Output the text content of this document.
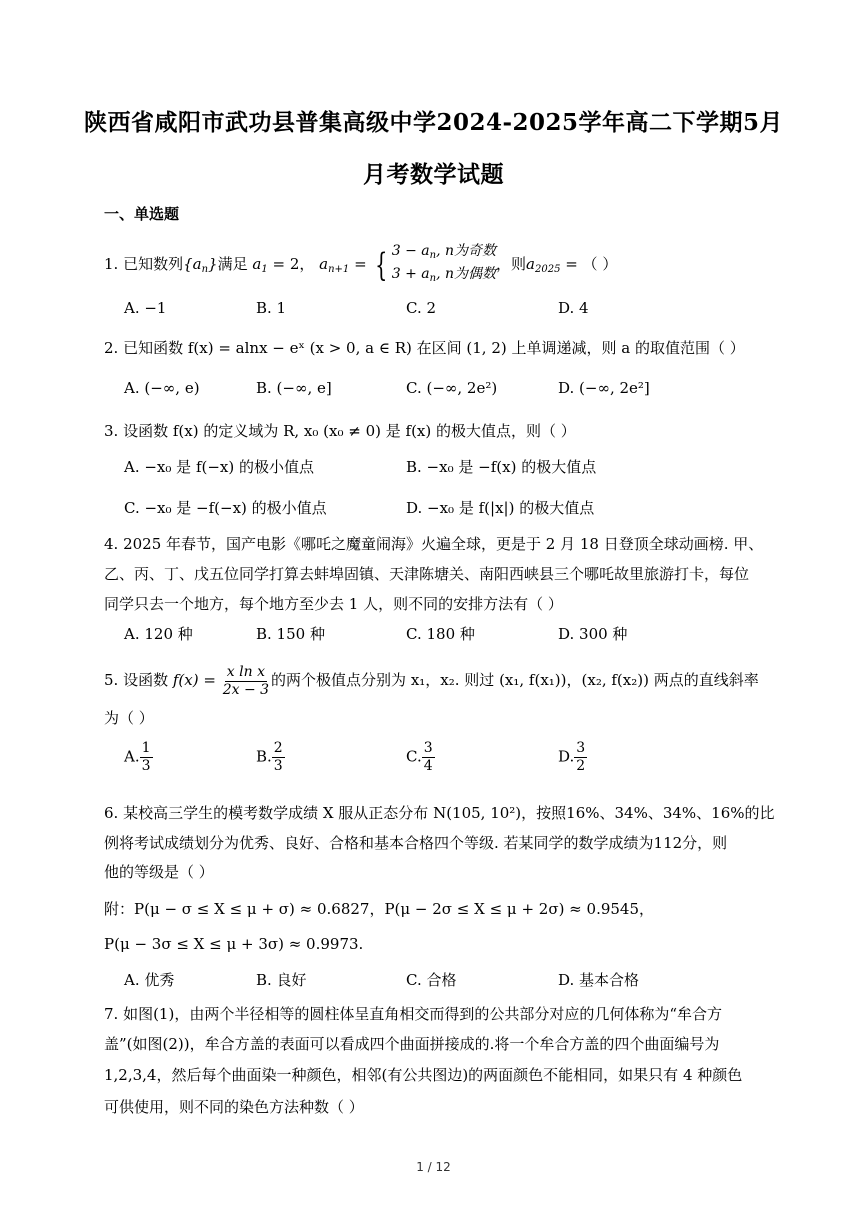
陕西省咸阳市武功县普集高级中学2024-2025学年高二下学期5月
月考数学试题
一、单选题
1. 已知数列$\{a_n\}$满足 $a_1 = 2$， $a_{n+1}$ = { $3 - a_n$, n为奇数
$3 + a_n$, n为偶数，则$a_{2025}$ = （ ）
A. −1	B. 1	C. 2	D. 4
2. 已知函数 f(x) = alnx − eˣ (x > 0, a ∈ R) 在区间 (1, 2) 上单调递减，则 a 的取值范围（ ）
A. (−∞, e)	B. (−∞, e]	C. (−∞, 2e²)	D. (−∞, 2e²]
3. 设函数 f(x) 的定义域为 R, x₀ (x₀ ≠ 0) 是 f(x) 的极大值点，则（ ）
A. −x₀ 是 f(−x) 的极小值点	B. −x₀ 是 −f(x) 的极大值点
C. −x₀ 是 −f(−x) 的极小值点	D. −x₀ 是 f(|x|) 的极大值点
4. 2025 年春节，国产电影《哪吒之魔童闹海》火遍全球，更是于 2 月 18 日登顶全球动画榜. 甲、
乙、丙、丁、戊五位同学打算去蚌埠固镇、天津陈塘关、南阳西峡县三个哪吒故里旅游打卡，每位
同学只去一个地方，每个地方至少去 1 人，则不同的安排方法有（ ）
A. 120 种	B. 150 种	C. 180 种	D. 300 种
5. 设函数 $f(x) = \frac{\text{x ln x}}{2x - 3}$ 的两个极值点分别为 x₁，x₂. 则过 (x₁, f(x₁))，(x₂, f(x₂)) 两点的直线斜率
为（ ）
A. $\frac{1}{3}$	B. $\frac{2}{3}$	C. $\frac{3}{4}$	D. $\frac{3}{2}$
6. 某校高三学生的模考数学成绩 X 服从正态分布 N(105, 10²)，按照16%、34%、34%、16%的比
例将考试成绩划分为优秀、良好、合格和基本合格四个等级. 若某同学的数学成绩为112分，则
他的等级是（ ）
附：P(μ − σ ≤ X ≤ μ + σ) ≈ 0.6827，P(μ − 2σ ≤ X ≤ μ + 2σ) ≈ 0.9545，
P(μ − 3σ ≤ X ≤ μ + 3σ) ≈ 0.9973.
A. 优秀	B. 良好	C. 合格	D. 基本合格
7. 如图(1)，由两个半径相等的圆柱体呈直角相交而得到的公共部分对应的几何体称为“牟合方
盖”(如图(2))，牟合方盖的表面可以看成四个曲面拼接成的.将一个牟合方盖的四个曲面编号为
1,2,3,4，然后每个曲面染一种颜色，相邻(有公共图边)的两面颜色不能相同，如果只有 4 种颜色
可供使用，则不同的染色方法种数（ ）
1 / 12
